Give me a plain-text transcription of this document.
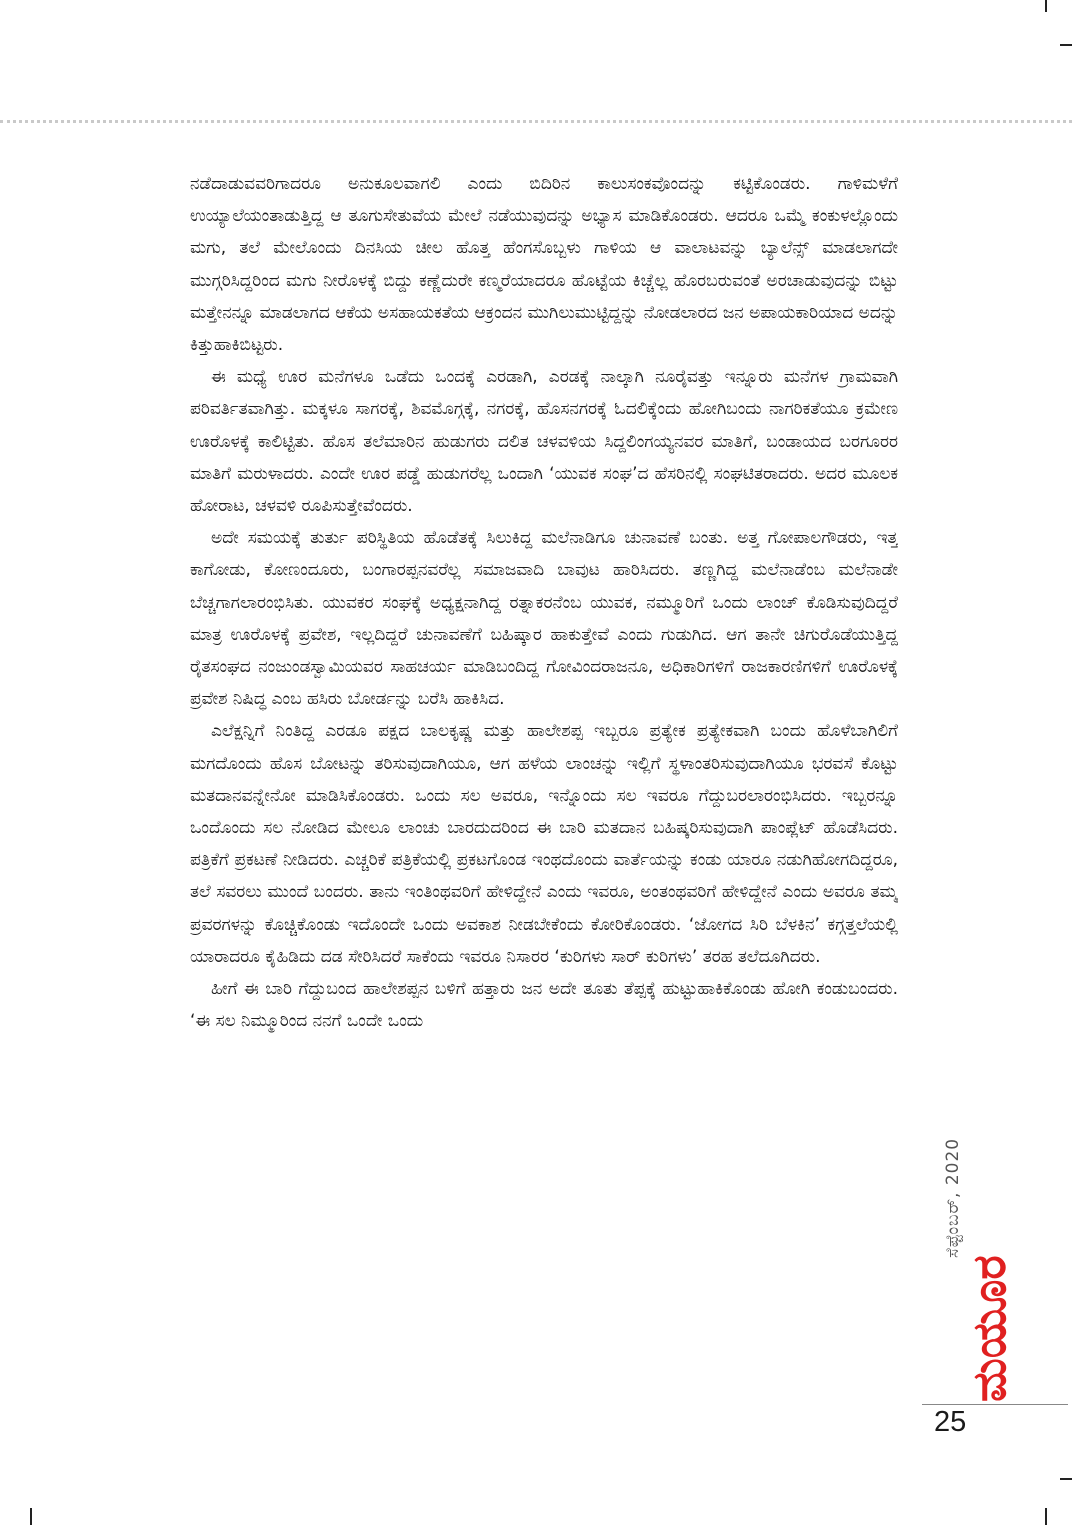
ನಡೆದಾಡುವವರಿಗಾದರೂ ಅನುಕೂಲವಾಗಲಿ ಎಂದು ಬಿದಿರಿನ ಕಾಲುಸಂಕವೊಂದನ್ನು ಕಟ್ಟಿಕೊಂಡರು. ಗಾಳಿಮಳೆಗೆ ಉಯ್ಯಾಲೆಯಂತಾಡುತ್ತಿದ್ದ ಆ ತೂಗುಸೇತುವೆಯ ಮೇಲೆ ನಡೆಯುವುದನ್ನು ಅಭ್ಯಾಸ ಮಾಡಿಕೊಂಡರು. ಆದರೂ ಒಮ್ಮೆ ಕಂಕುಳಲ್ಲೊಂದು ಮಗು, ತಲೆ ಮೇಲೊಂದು ದಿನಸಿಯ ಚೀಲ ಹೊತ್ತ ಹೆಂಗಸೊಬ್ಬಳು ಗಾಳಿಯ ಆ ವಾಲಾಟವನ್ನು ಬ್ಯಾಲೆನ್ಸ್ ಮಾಡಲಾಗದೇ ಮುಗ್ಗರಿಸಿದ್ದರಿಂದ ಮಗು ನೀರೊಳಕ್ಕೆ ಬಿದ್ದು ಕಣ್ಣೆದುರೇ ಕಣ್ಮರೆಯಾದರೂ ಹೊಟ್ಟೆಯ ಕಿಚ್ಚೆಲ್ಲ ಹೊರಬರುವಂತೆ ಅರಚಾಡುವುದನ್ನು ಬಿಟ್ಟು ಮತ್ತೇನನ್ನೂ ಮಾಡಲಾಗದ ಆಕೆಯ ಅಸಹಾಯಕತೆಯ ಆಕ್ರಂದನ ಮುಗಿಲುಮುಟ್ಟಿದ್ದನ್ನು ನೋಡಲಾರದ ಜನ ಅಪಾಯಕಾರಿಯಾದ ಅದನ್ನು ಕಿತ್ತುಹಾಕಿಬಿಟ್ಟರು.

ಈ ಮಧ್ಯೆ ಊರ ಮನೆಗಳೂ ಒಡೆದು ಒಂದಕ್ಕೆ ಎರಡಾಗಿ, ಎರಡಕ್ಕೆ ನಾಲ್ಕಾಗಿ ನೂರೈವತ್ತು ಇನ್ನೂರು ಮನೆಗಳ ಗ್ರಾಮವಾಗಿ ಪರಿವರ್ತಿತವಾಗಿತ್ತು. ಮಕ್ಕಳೂ ಸಾಗರಕ್ಕೆ, ಶಿವಮೊಗ್ಗಕ್ಕೆ, ನಗರಕ್ಕೆ, ಹೊಸನಗರಕ್ಕೆ ಓದಲಿಕ್ಕೆಂದು ಹೋಗಿಬಂದು ನಾಗರಿಕತೆಯೂ ಕ್ರಮೇಣ ಊರೊಳಕ್ಕೆ ಕಾಲಿಟ್ಟಿತು. ಹೊಸ ತಲೆಮಾರಿನ ಹುಡುಗರು ದಲಿತ ಚಳವಳಿಯ ಸಿದ್ದಲಿಂಗಯ್ಯನವರ ಮಾತಿಗೆ, ಬಂಡಾಯದ ಬರಗೂರರ ಮಾತಿಗೆ ಮರುಳಾದರು. ಎಂದೇ ಊರ ಪಡ್ಡೆ ಹುಡುಗರೆಲ್ಲ ಒಂದಾಗಿ ‘ಯುವಕ ಸಂಘ’ದ ಹೆಸರಿನಲ್ಲಿ ಸಂಘಟಿತರಾದರು. ಅದರ ಮೂಲಕ ಹೋರಾಟ, ಚಳವಳಿ ರೂಪಿಸುತ್ತೇವೆಂದರು.

ಅದೇ ಸಮಯಕ್ಕೆ ತುರ್ತು ಪರಿಸ್ಥಿತಿಯ ಹೊಡೆತಕ್ಕೆ ಸಿಲುಕಿದ್ದ ಮಲೆನಾಡಿಗೂ ಚುನಾವಣೆ ಬಂತು. ಅತ್ತ ಗೋಪಾಲಗೌಡರು, ಇತ್ತ ಕಾಗೋಡು, ಕೋಣಂದೂರು, ಬಂಗಾರಪ್ಪನವರೆಲ್ಲ ಸಮಾಜವಾದಿ ಬಾವುಟ ಹಾರಿಸಿದರು. ತಣ್ಣಗಿದ್ದ ಮಲೆನಾಡೆಂಬ ಮಲೆನಾಡೇ ಬೆಚ್ಚಗಾಗಲಾರಂಭಿಸಿತು. ಯುವಕರ ಸಂಘಕ್ಕೆ ಅಧ್ಯಕ್ಷನಾಗಿದ್ದ ರತ್ನಾಕರನೆಂಬ ಯುವಕ, ನಮ್ಮೂರಿಗೆ ಒಂದು ಲಾಂಚ್ ಕೊಡಿಸುವುದಿದ್ದರೆ ಮಾತ್ರ ಊರೊಳಕ್ಕೆ ಪ್ರವೇಶ, ಇಲ್ಲದಿದ್ದರೆ ಚುನಾವಣೆಗೆ ಬಹಿಷ್ಕಾರ ಹಾಕುತ್ತೇವೆ ಎಂದು ಗುಡುಗಿದ. ಆಗ ತಾನೇ ಚಿಗುರೊಡೆಯುತ್ತಿದ್ದ ರೈತಸಂಘದ ನಂಜುಂಡಸ್ವಾಮಿಯವರ ಸಾಹಚರ್ಯ ಮಾಡಿಬಂದಿದ್ದ ಗೋವಿಂದರಾಜನೂ, ಅಧಿಕಾರಿಗಳಿಗೆ ರಾಜಕಾರಣಿಗಳಿಗೆ ಊರೊಳಕ್ಕೆ ಪ್ರವೇಶ ನಿಷಿದ್ಧ ಎಂಬ ಹಸಿರು ಬೋರ್ಡನ್ನು ಬರೆಸಿ ಹಾಕಿಸಿದ.

ಎಲೆಕ್ಷನ್ನಿಗೆ ನಿಂತಿದ್ದ ಎರಡೂ ಪಕ್ಷದ ಬಾಲಕೃಷ್ಣ ಮತ್ತು ಹಾಲೇಶಪ್ಪ ಇಬ್ಬರೂ ಪ್ರತ್ಯೇಕ ಪ್ರತ್ಯೇಕವಾಗಿ ಬಂದು ಹೊಳೆಬಾಗಿಲಿಗೆ ಮಗದೊಂದು ಹೊಸ ಬೋಟನ್ನು ತರಿಸುವುದಾಗಿಯೂ, ಆಗ ಹಳೆಯ ಲಾಂಚನ್ನು ಇಲ್ಲಿಗೆ ಸ್ಥಳಾಂತರಿಸುವುದಾಗಿಯೂ ಭರವಸೆ ಕೊಟ್ಟು ಮತದಾನವನ್ನೇನೋ ಮಾಡಿಸಿಕೊಂಡರು. ಒಂದು ಸಲ ಅವರೂ, ಇನ್ನೊಂದು ಸಲ ಇವರೂ ಗೆದ್ದುಬರಲಾರಂಭಿಸಿದರು. ಇಬ್ಬರನ್ನೂ ಒಂದೊಂದು ಸಲ ನೋಡಿದ ಮೇಲೂ ಲಾಂಚು ಬಾರದುದರಿಂದ ಈ ಬಾರಿ ಮತದಾನ ಬಹಿಷ್ಕರಿಸುವುದಾಗಿ ಪಾಂಪ್ಲೆಟ್ ಹೊಡೆಸಿದರು. ಪತ್ರಿಕೆಗೆ ಪ್ರಕಟಣೆ ನೀಡಿದರು. ಎಚ್ಚರಿಕೆ ಪತ್ರಿಕೆಯಲ್ಲಿ ಪ್ರಕಟಗೊಂಡ ಇಂಥದೊಂದು ವಾರ್ತೆಯನ್ನು ಕಂಡು ಯಾರೂ ನಡುಗಿಹೋಗದಿದ್ದರೂ, ತಲೆ ಸವರಲು ಮುಂದೆ ಬಂದರು. ತಾನು ಇಂತಿಂಥವರಿಗೆ ಹೇಳಿದ್ದೇನೆ ಎಂದು ಇವರೂ, ಅಂತಂಥವರಿಗೆ ಹೇಳಿದ್ದೇನೆ ಎಂದು ಅವರೂ ತಮ್ಮ ಪ್ರವರಗಳನ್ನು ಕೊಚ್ಚಿಕೊಂಡು ಇದೊಂದೇ ಒಂದು ಅವಕಾಶ ನೀಡಬೇಕೆಂದು ಕೋರಿಕೊಂಡರು. ‘ಜೋಗದ ಸಿರಿ ಬೆಳಕಿನ’ ಕಗ್ಗತ್ತಲೆಯಲ್ಲಿ ಯಾರಾದರೂ ಕೈಹಿಡಿದು ದಡ ಸೇರಿಸಿದರೆ ಸಾಕೆಂದು ಇವರೂ ನಿಸಾರರ ‘ಕುರಿಗಳು ಸಾರ್ ಕುರಿಗಳು’ ತರಹ ತಲೆದೂಗಿದರು.

ಹೀಗೆ ಈ ಬಾರಿ ಗೆದ್ದುಬಂದ ಹಾಲೇಶಪ್ಪನ ಬಳಿಗೆ ಹತ್ತಾರು ಜನ ಅದೇ ತೂತು ತೆಪ್ಪಕ್ಕೆ ಹುಟ್ಟುಹಾಕಿಕೊಂಡು ಹೋಗಿ ಕಂಡುಬಂದರು. ‘ಈ ಸಲ ನಿಮ್ಮೂರಿಂದ ನನಗೆ ಒಂದೇ ಒಂದು

ಸೆಪ್ಟೆಂಬರ್, 2020
ಮಯೂರ
25
